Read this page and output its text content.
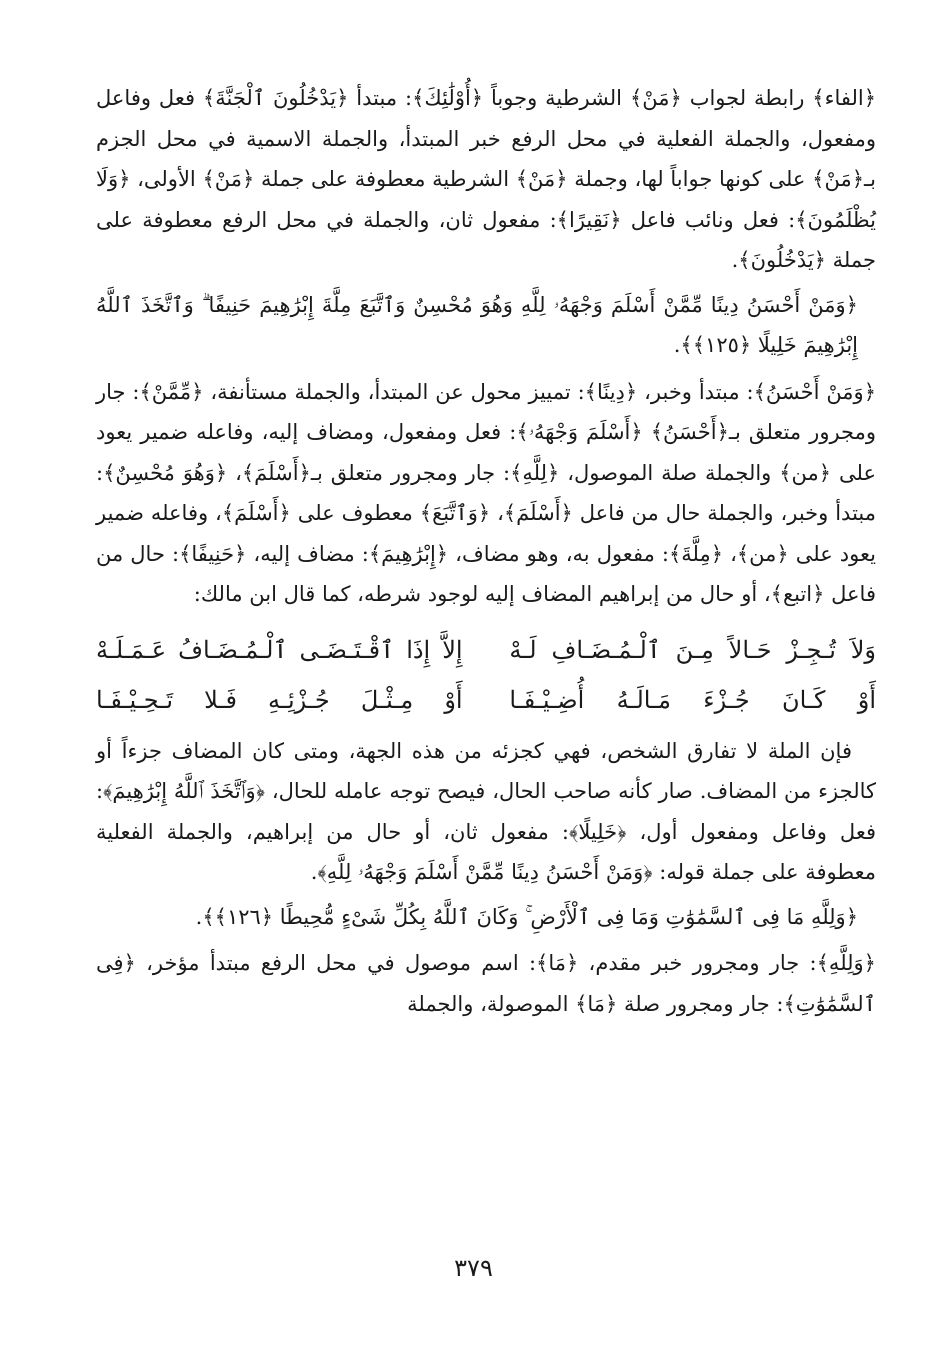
﴿الفاء﴾ رابطة لجواب ﴿مَنْ﴾ الشرطية وجوباً ﴿أُوْلَٰئِكَ﴾: مبتدأ ﴿يَدْخُلُونَ ٱلْجَنَّةَ﴾ فعل وفاعل ومفعول، والجملة الفعلية في محل الرفع خبر المبتدأ، والجملة الاسمية في محل الجزم بـ﴿مَنْ﴾ على كونها جواباً لها، وجملة ﴿مَنْ﴾ الشرطية معطوفة على جملة ﴿مَنْ﴾ الأولى، ﴿وَلَا يُظْلَمُونَ﴾: فعل ونائب فاعل ﴿نَقِيرًا﴾: مفعول ثان، والجملة في محل الرفع معطوفة على جملة ﴿يَدْخُلُونَ﴾.

﴿وَمَنْ أَحْسَنُ دِينًا مِّمَّنْ أَسْلَمَ وَجْهَهُۥ لِلَّهِ وَهُوَ مُحْسِنٌ وَٱتَّبَعَ مِلَّةَ إِبْرَٰهِيمَ حَنِيفًا ۗ وَٱتَّخَذَ ٱللَّهُ إِبْرَٰهِيمَ خَلِيلًا ﴿١٢٥﴾﴾.

﴿وَمَنْ أَحْسَنُ﴾: مبتدأ وخبر، ﴿دِينًا﴾: تمييز محول عن المبتدأ، والجملة مستأنفة، ﴿مِّمَّنْ﴾: جار ومجرور متعلق بـ﴿أَحْسَنُ﴾ ﴿أَسْلَمَ وَجْهَهُۥ﴾: فعل ومفعول، ومضاف إليه، وفاعله ضمير يعود على ﴿من﴾ والجملة صلة الموصول، ﴿لِلَّهِ﴾: جار ومجرور متعلق بـ﴿أَسْلَمَ﴾، ﴿وَهُوَ مُحْسِنٌ﴾: مبتدأ وخبر، والجملة حال من فاعل ﴿أَسْلَمَ﴾، ﴿وَٱتَّبَعَ﴾ معطوف على ﴿أَسْلَمَ﴾، وفاعله ضمير يعود على ﴿من﴾، ﴿مِلَّةَ﴾: مفعول به، وهو مضاف، ﴿إِبْرَٰهِيمَ﴾: مضاف إليه، ﴿حَنِيفًا﴾: حال من فاعل ﴿اتبع﴾، أو حال من إبراهيم المضاف إليه لوجود شرطه، كما قال ابن مالك:

وَلاَ تُـجِـزْ حَـالاً مِـنَ ٱلْـمُـضَـافِ لَـهْ
إِلاَّ إِذَا ٱقْـتَـضَـى ٱلْـمُـضَـافُ عَـمَـلَـهْ
أَوْ كَـانَ جُـزْءَ مَـالَـهُ أُضِـيْـفَـا
أَوْ مِـثْـلَ جُـزْئِـهِ فَـلا تَـحِـيْـفَـا

فإن الملة لا تفارق الشخص، فهي كجزئه من هذه الجهة، ومتى كان المضاف جزءاً أو كالجزء من المضاف. صار كأنه صاحب الحال، فيصح توجه عامله للحال، ﴿وَٱتَّخَذَ ٱللَّهُ إِبْرَٰهِيمَ﴾: فعل وفاعل ومفعول أول، ﴿خَلِيلًا﴾: مفعول ثان، أو حال من إبراهيم، والجملة الفعلية معطوفة على جملة قوله: ﴿وَمَنْ أَحْسَنُ دِينًا مِّمَّنْ أَسْلَمَ وَجْهَهُۥ لِلَّهِ﴾.

﴿وَلِلَّهِ مَا فِى ٱلسَّمَٰوَٰتِ وَمَا فِى ٱلْأَرْضِ ۚ وَكَانَ ٱللَّهُ بِكُلِّ شَىْءٍ مُّحِيطًا ﴿١٢٦﴾﴾.

﴿وَلِلَّهِ﴾: جار ومجرور خبر مقدم، ﴿مَا﴾: اسم موصول في محل الرفع مبتدأ مؤخر، ﴿فِى ٱلسَّمَٰوَٰتِ﴾: جار ومجرور صلة ﴿مَا﴾ الموصولة، والجملة

٣٧٩
